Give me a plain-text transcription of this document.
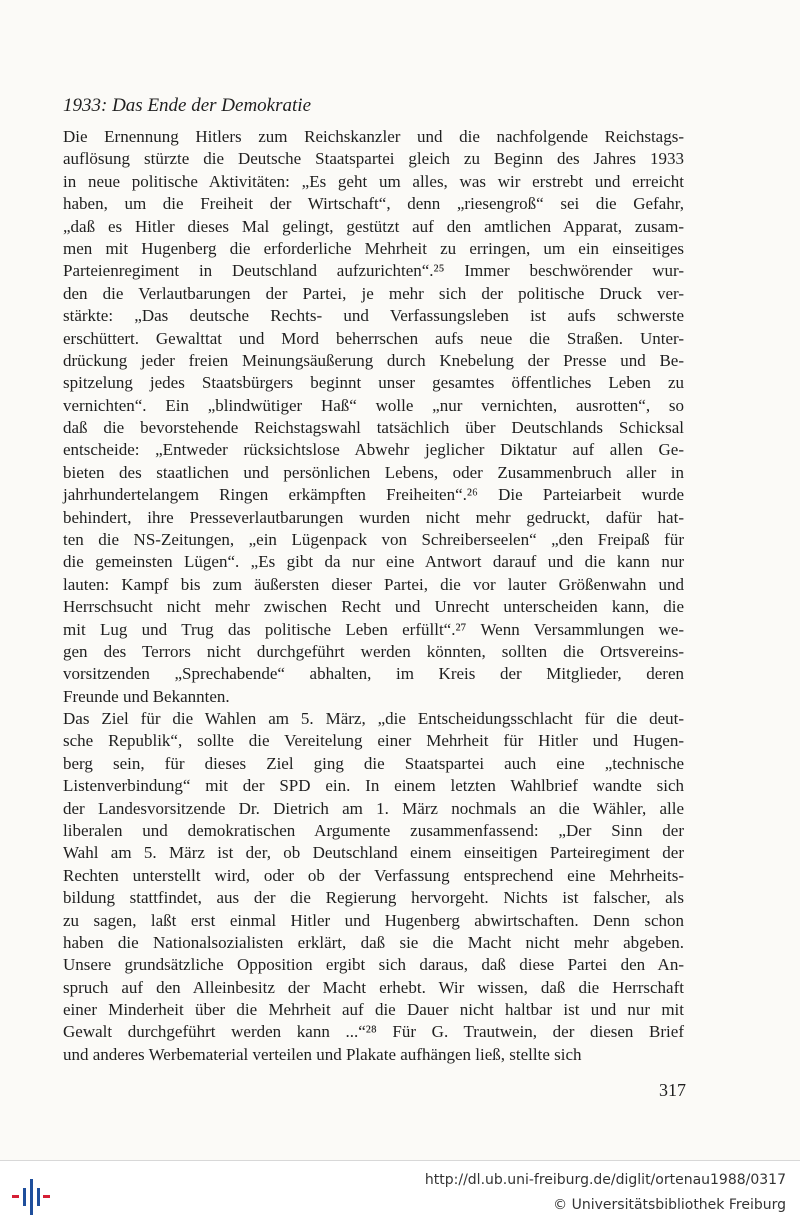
1933: Das Ende der Demokratie
Die Ernennung Hitlers zum Reichskanzler und die nachfolgende Reichstags-
auflösung stürzte die Deutsche Staatspartei gleich zu Beginn des Jahres 1933
in neue politische Aktivitäten: „Es geht um alles, was wir erstrebt und erreicht
haben, um die Freiheit der Wirtschaft“, denn „riesengroß“ sei die Gefahr,
„daß es Hitler dieses Mal gelingt, gestützt auf den amtlichen Apparat, zusam-
men mit Hugenberg die erforderliche Mehrheit zu erringen, um ein einseitiges
Parteienregiment in Deutschland aufzurichten“.²⁵ Immer beschwörender wur-
den die Verlautbarungen der Partei, je mehr sich der politische Druck ver-
stärkte: „Das deutsche Rechts- und Verfassungsleben ist aufs schwerste
erschüttert. Gewalttat und Mord beherrschen aufs neue die Straßen. Unter-
drückung jeder freien Meinungsäußerung durch Knebelung der Presse und Be-
spitzelung jedes Staatsbürgers beginnt unser gesamtes öffentliches Leben zu
vernichten“. Ein „blindwütiger Haß“ wolle „nur vernichten, ausrotten“, so
daß die bevorstehende Reichstagswahl tatsächlich über Deutschlands Schicksal
entscheide: „Entweder rücksichtslose Abwehr jeglicher Diktatur auf allen Ge-
bieten des staatlichen und persönlichen Lebens, oder Zusammenbruch aller in
jahrhundertelangem Ringen erkämpften Freiheiten“.²⁶ Die Parteiarbeit wurde
behindert, ihre Presseverlautbarungen wurden nicht mehr gedruckt, dafür hat-
ten die NS-Zeitungen, „ein Lügenpack von Schreiberseelen“ „den Freipaß für
die gemeinsten Lügen“. „Es gibt da nur eine Antwort darauf und die kann nur
lauten: Kampf bis zum äußersten dieser Partei, die vor lauter Größenwahn und
Herrschsucht nicht mehr zwischen Recht und Unrecht unterscheiden kann, die
mit Lug und Trug das politische Leben erfüllt“.²⁷ Wenn Versammlungen we-
gen des Terrors nicht durchgeführt werden könnten, sollten die Ortsvereins-
vorsitzenden „Sprechabende“ abhalten, im Kreis der Mitglieder, deren
Freunde und Bekannten.
Das Ziel für die Wahlen am 5. März, „die Entscheidungsschlacht für die deut-
sche Republik“, sollte die Vereitelung einer Mehrheit für Hitler und Hugen-
berg sein, für dieses Ziel ging die Staatspartei auch eine „technische
Listenverbindung“ mit der SPD ein. In einem letzten Wahlbrief wandte sich
der Landesvorsitzende Dr. Dietrich am 1. März nochmals an die Wähler, alle
liberalen und demokratischen Argumente zusammenfassend: „Der Sinn der
Wahl am 5. März ist der, ob Deutschland einem einseitigen Parteiregiment der
Rechten unterstellt wird, oder ob der Verfassung entsprechend eine Mehrheits-
bildung stattfindet, aus der die Regierung hervorgeht. Nichts ist falscher, als
zu sagen, laßt erst einmal Hitler und Hugenberg abwirtschaften. Denn schon
haben die Nationalsozialisten erklärt, daß sie die Macht nicht mehr abgeben.
Unsere grundsätzliche Opposition ergibt sich daraus, daß diese Partei den An-
spruch auf den Alleinbesitz der Macht erhebt. Wir wissen, daß die Herrschaft
einer Minderheit über die Mehrheit auf die Dauer nicht haltbar ist und nur mit
Gewalt durchgeführt werden kann ...“²⁸ Für G. Trautwein, der diesen Brief
und anderes Werbematerial verteilen und Plakate aufhängen ließ, stellte sich
317
http://dl.ub.uni-freiburg.de/diglit/ortenau1988/0317
© Universitätsbibliothek Freiburg
